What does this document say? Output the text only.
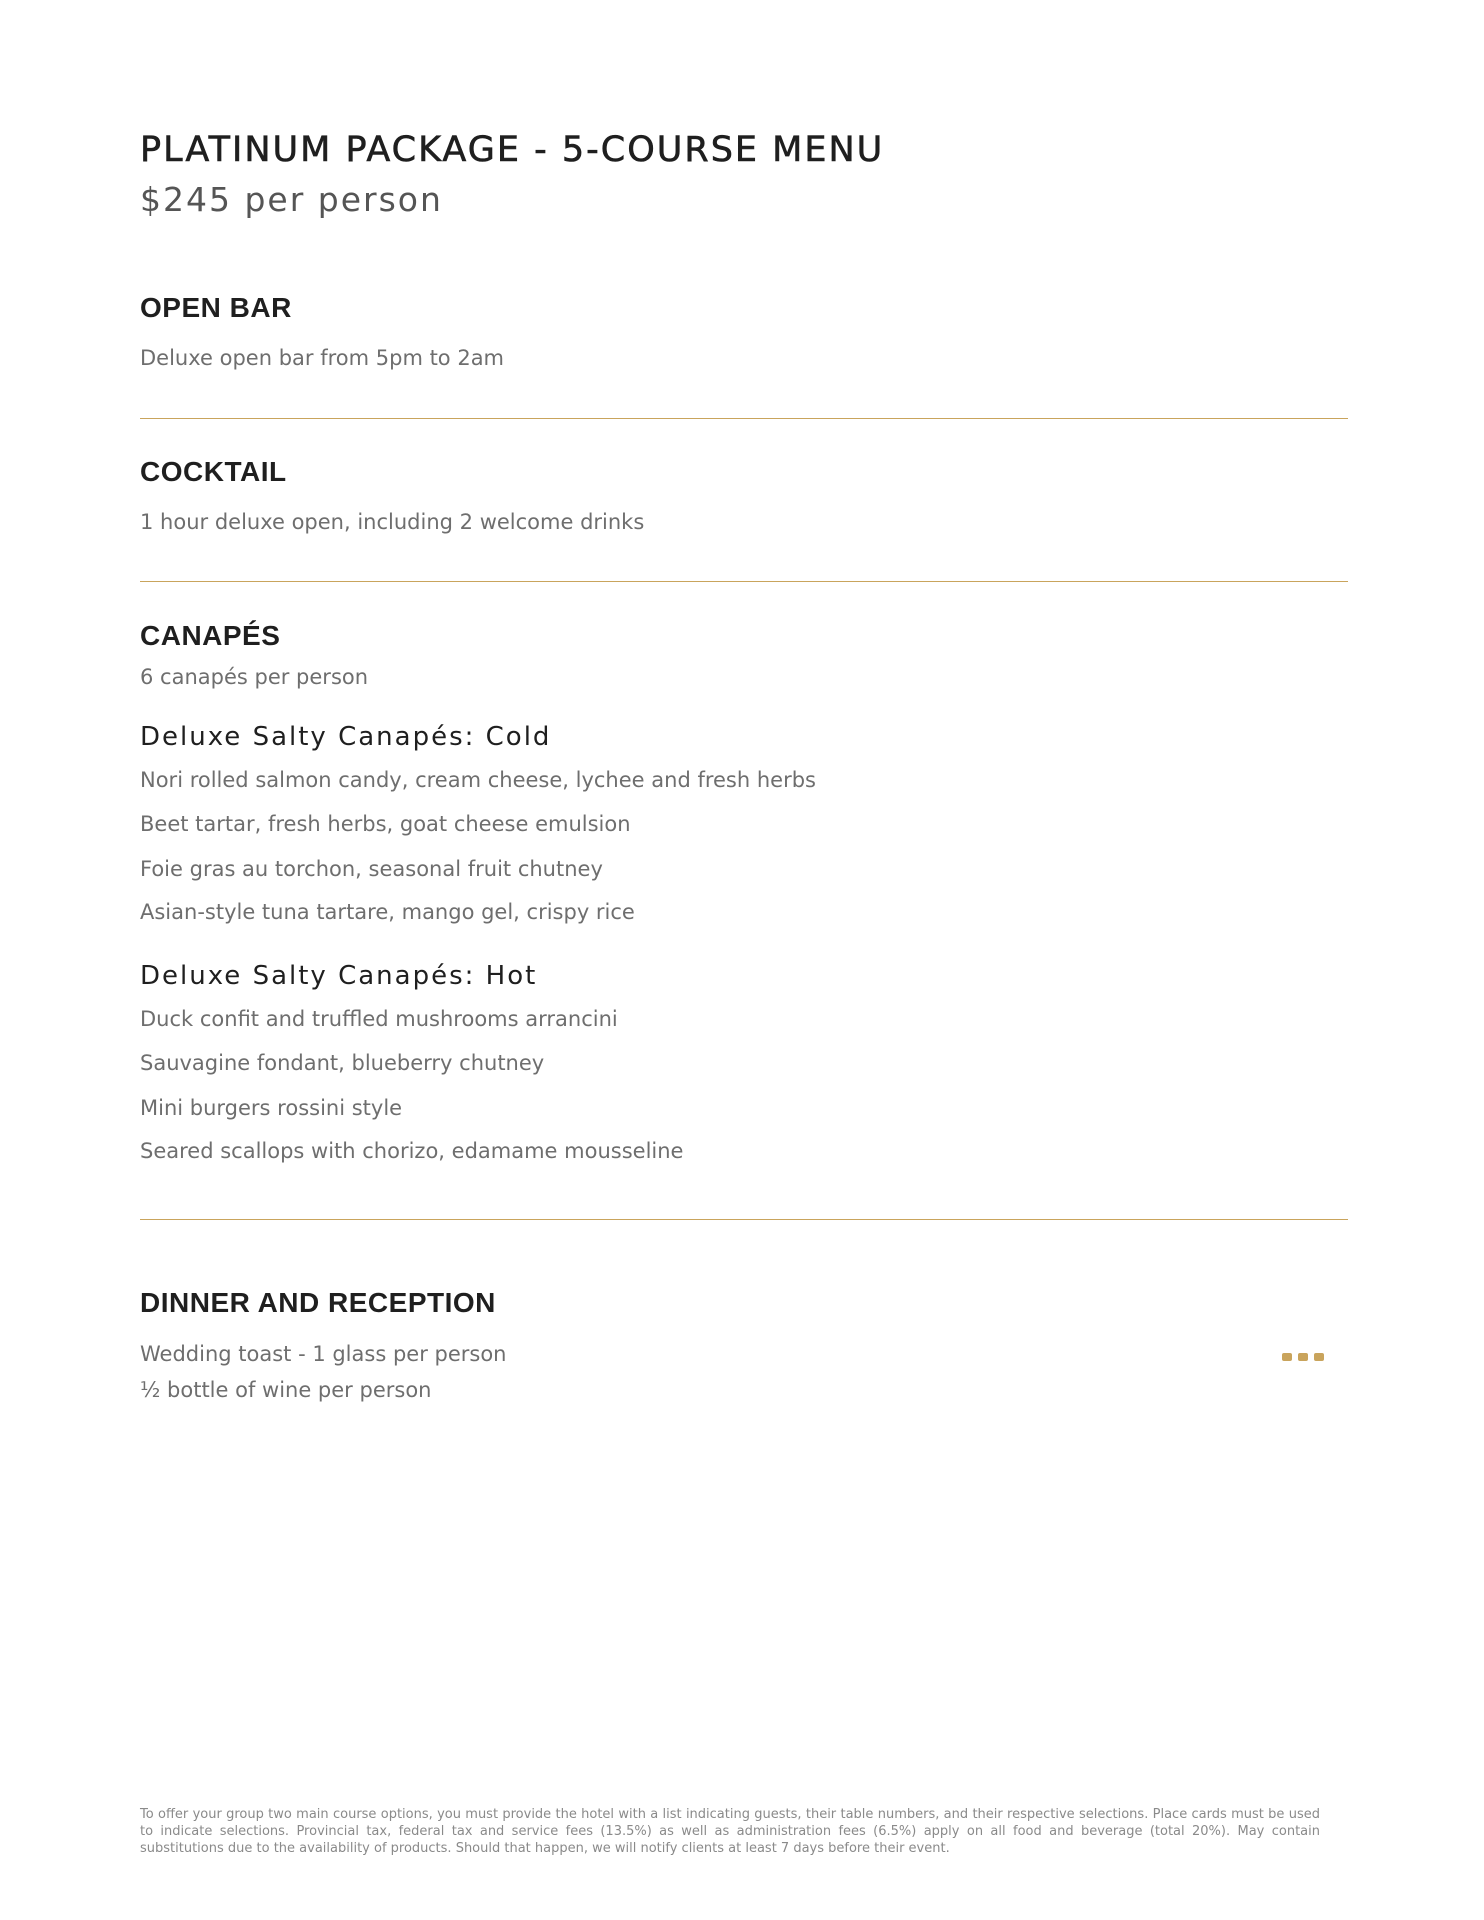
PLATINUM PACKAGE - 5-COURSE MENU
$245 per person
OPEN BAR
Deluxe open bar from 5pm to 2am
COCKTAIL
1 hour deluxe open, including 2 welcome drinks
CANAPÉS
6 canapés per person
Deluxe Salty Canapés: Cold
Nori rolled salmon candy, cream cheese, lychee and fresh herbs
Beet tartar, fresh herbs, goat cheese emulsion
Foie gras au torchon, seasonal fruit chutney
Asian-style tuna tartare, mango gel, crispy rice
Deluxe Salty Canapés: Hot
Duck confit and truffled mushrooms arrancini
Sauvagine fondant, blueberry chutney
Mini burgers rossini style
Seared scallops with chorizo, edamame mousseline
DINNER AND RECEPTION
Wedding toast - 1 glass per person
½ bottle of wine per person
To offer your group two main course options, you must provide the hotel with a list indicating guests, their table numbers, and their respective selections. Place cards must be used to indicate selections. Provincial tax, federal tax and service fees (13.5%) as well as administration fees (6.5%) apply on all food and beverage (total 20%). May contain substitutions due to the availability of products. Should that happen, we will notify clients at least 7 days before their event.
